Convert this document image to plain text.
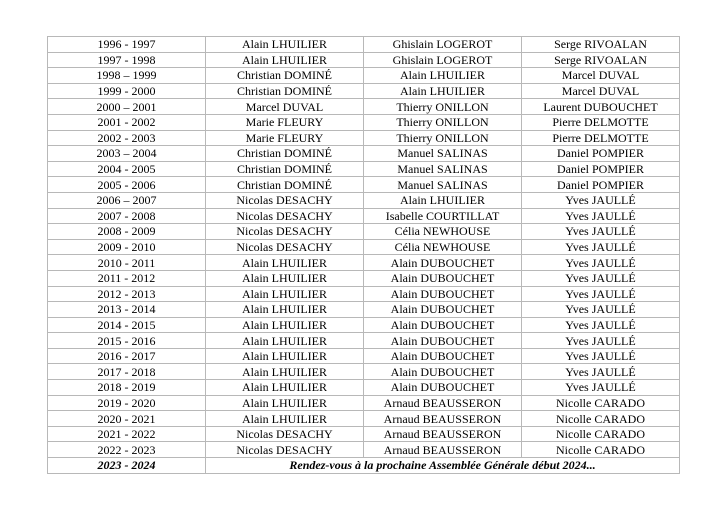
1996 - 1997	Alain LHUILIER	Ghislain LOGEROT	Serge RIVOALAN
1997 - 1998	Alain LHUILIER	Ghislain LOGEROT	Serge RIVOALAN
1998 – 1999	Christian DOMINÉ	Alain LHUILIER	Marcel DUVAL
1999 - 2000	Christian DOMINÉ	Alain LHUILIER	Marcel DUVAL
2000 – 2001	Marcel DUVAL	Thierry ONILLON	Laurent DUBOUCHET
2001 - 2002	Marie FLEURY	Thierry ONILLON	Pierre DELMOTTE
2002 - 2003	Marie FLEURY	Thierry ONILLON	Pierre DELMOTTE
2003 – 2004	Christian DOMINÉ	Manuel SALINAS	Daniel POMPIER
2004 - 2005	Christian DOMINÉ	Manuel SALINAS	Daniel POMPIER
2005 - 2006	Christian DOMINÉ	Manuel SALINAS	Daniel POMPIER
2006 – 2007	Nicolas DESACHY	Alain LHUILIER	Yves JAULLÉ
2007 - 2008	Nicolas DESACHY	Isabelle COURTILLAT	Yves JAULLÉ
2008 - 2009	Nicolas DESACHY	Célia NEWHOUSE	Yves JAULLÉ
2009 - 2010	Nicolas DESACHY	Célia NEWHOUSE	Yves JAULLÉ
2010 - 2011	Alain LHUILIER	Alain DUBOUCHET	Yves JAULLÉ
2011 - 2012	Alain LHUILIER	Alain DUBOUCHET	Yves JAULLÉ
2012 - 2013	Alain LHUILIER	Alain DUBOUCHET	Yves JAULLÉ
2013 - 2014	Alain LHUILIER	Alain DUBOUCHET	Yves JAULLÉ
2014 - 2015	Alain LHUILIER	Alain DUBOUCHET	Yves JAULLÉ
2015 - 2016	Alain LHUILIER	Alain DUBOUCHET	Yves JAULLÉ
2016 - 2017	Alain LHUILIER	Alain DUBOUCHET	Yves JAULLÉ
2017 - 2018	Alain LHUILIER	Alain DUBOUCHET	Yves JAULLÉ
2018 - 2019	Alain LHUILIER	Alain DUBOUCHET	Yves JAULLÉ
2019 - 2020	Alain LHUILIER	Arnaud BEAUSSERON	Nicolle CARADO
2020 - 2021	Alain LHUILIER	Arnaud BEAUSSERON	Nicolle CARADO
2021 - 2022	Nicolas DESACHY	Arnaud BEAUSSERON	Nicolle CARADO
2022 - 2023	Nicolas DESACHY	Arnaud BEAUSSERON	Nicolle CARADO
2023 - 2024	Rendez-vous à la prochaine Assemblée Générale début 2024...		
